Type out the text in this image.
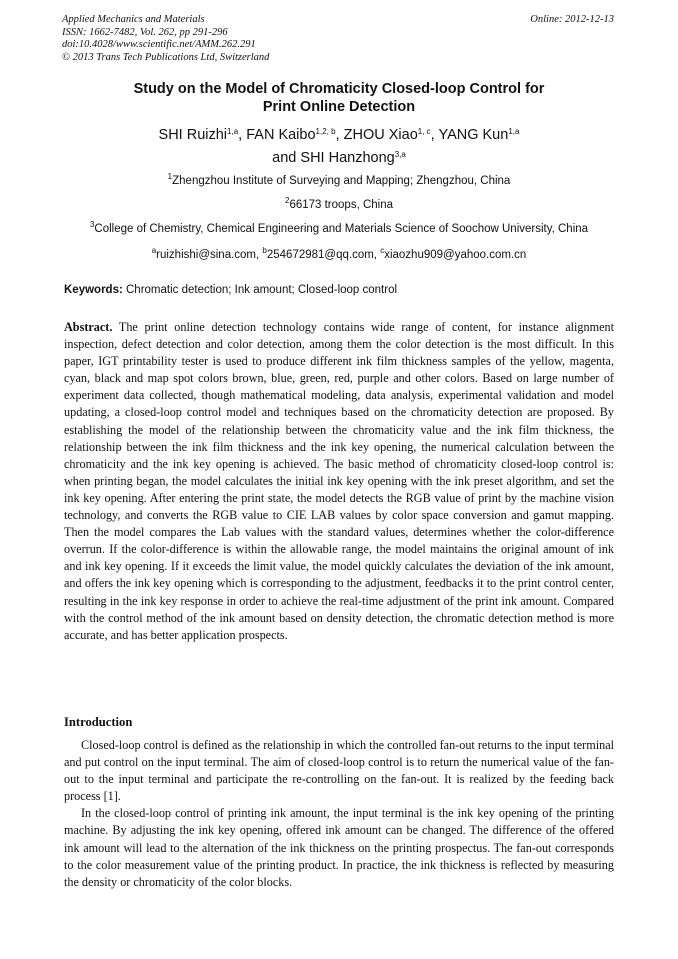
Applied Mechanics and Materials
ISSN: 1662-7482, Vol. 262, pp 291-296
doi:10.4028/www.scientific.net/AMM.262.291
© 2013 Trans Tech Publications Ltd, Switzerland
Online: 2012-12-13
Study on the Model of Chromaticity Closed-loop Control for
Print Online Detection
SHI Ruizhi$^{1,a}$, FAN Kaibo$^{1,2, b}$, ZHOU Xiao$^{1, c}$, YANG Kun$^{1,a}$
and SHI Hanzhong$^{3,a}$
$^1$Zhengzhou Institute of Surveying and Mapping; Zhengzhou, China
$^2$66173 troops, China
$^3$College of Chemistry, Chemical Engineering and Materials Science of Soochow University, China
$^a$ruizhishi@sina.com, $^b$254672981@qq.com, $^c$xiaozhu909@yahoo.com.cn
Keywords: Chromatic detection; Ink amount; Closed-loop control

Abstract. The print online detection technology contains wide range of content, for instance alignment inspection, defect detection and color detection, among them the color detection is the most difficult. In this paper, IGT printability tester is used to produce different ink film thickness samples of the yellow, magenta, cyan, black and map spot colors brown, blue, green, red, purple and other colors. Based on large number of experiment data collected, though mathematical modeling, data analysis, experimental validation and model updating, a closed-loop control model and techniques based on the chromaticity detection are proposed. By establishing the model of the relationship between the chromaticity value and the ink film thickness, the relationship between the ink film thickness and the ink key opening, the numerical calculation between the chromaticity and the ink key opening is achieved. The basic method of chromaticity closed-loop control is: when printing began, the model calculates the initial ink key opening with the ink preset algorithm, and set the ink key opening. After entering the print state, the model detects the RGB value of print by the machine vision technology, and converts the RGB value to CIE LAB values by color space conversion and gamut mapping. Then the model compares the Lab values with the standard values, determines whether the color-difference overrun. If the color-difference is within the allowable range, the model maintains the original amount of ink and ink key opening. If it exceeds the limit value, the model quickly calculates the deviation of the ink amount, and offers the ink key opening which is corresponding to the adjustment, feedbacks it to the print control center, resulting in the ink key response in order to achieve the real-time adjustment of the print ink amount. Compared with the control method of the ink amount based on density detection, the chromatic detection method is more accurate, and has better application prospects.

Introduction

Closed-loop control is defined as the relationship in which the controlled fan-out returns to the input terminal and put control on the input terminal. The aim of closed-loop control is to return the numerical value of the fan-out to the input terminal and participate the re-controlling on the fan-out. It is realized by the feeding back process [1].

In the closed-loop control of printing ink amount, the input terminal is the ink key opening of the printing machine. By adjusting the ink key opening, offered ink amount can be changed. The difference of the offered ink amount will lead to the alternation of the ink thickness on the printing prospectus. The fan-out corresponds to the color measurement value of the printing product. In practice, the ink thickness is reflected by measuring the density or chromaticity of the color blocks.
